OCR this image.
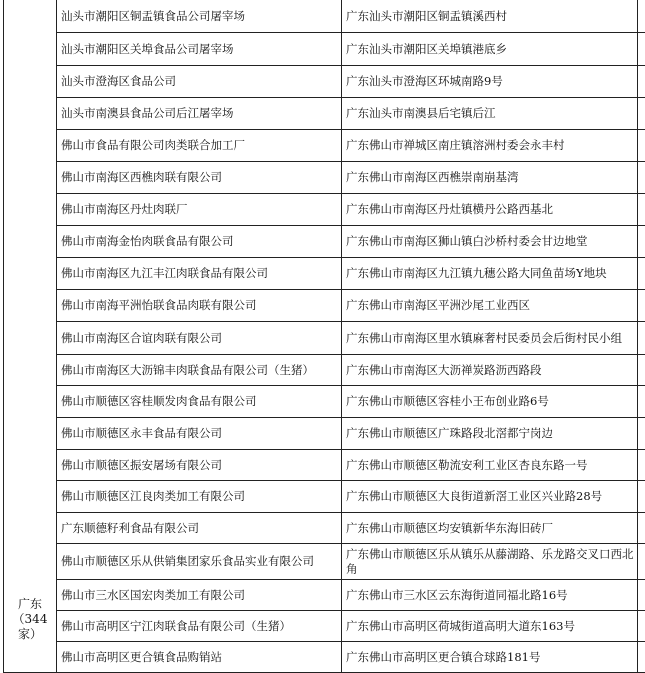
广东
（344
家）	汕头市潮阳区铜盂镇食品公司屠宰场	广东汕头市潮阳区铜盂镇溪西村	
	汕头市潮阳区关埠食品公司屠宰场	广东汕头市潮阳区关埠镇港底乡	
	汕头市澄海区食品公司	广东汕头市澄海区环城南路9号	
	汕头市南澳县食品公司后江屠宰场	广东汕头市南澳县后宅镇后江	
	佛山市食品有限公司肉类联合加工厂	广东佛山市禅城区南庄镇溶洲村委会永丰村	
	佛山市南海区西樵肉联有限公司	广东佛山市南海区西樵崇南崩基湾	
	佛山市南海区丹灶肉联厂	广东佛山市南海区丹灶镇横丹公路西基北	
	佛山市南海金怡肉联食品有限公司	广东佛山市南海区狮山镇白沙桥村委会甘边地堂	
	佛山市南海区九江丰江肉联食品有限公司	广东佛山市南海区九江镇九穗公路大同鱼苗场Y地块	
	佛山市南海平洲怡联食品肉联有限公司	广东佛山市南海区平洲沙尾工业西区	
	佛山市南海区合谊肉联有限公司	广东佛山市南海区里水镇麻奢村民委员会后街村民小组	
	佛山市南海区大沥锦丰肉联食品有限公司（生猪）	广东佛山市南海区大沥禅炭路沥西路段	
	佛山市顺德区容桂顺发肉食品有限公司	广东佛山市顺德区容桂小王布创业路6号	
	佛山市顺德区永丰食品有限公司	广东佛山市顺德区广珠路段北滘都宁岗边	
	佛山市顺德区振安屠场有限公司	广东佛山市顺德区勒流安利工业区杏良东路一号	
	佛山市顺德区江良肉类加工有限公司	广东佛山市顺德区大良街道新滘工业区兴业路28号	
	广东顺德籽利食品有限公司	广东佛山市顺德区均安镇新华东海旧砖厂	
	佛山市顺德区乐从供销集团家乐食品实业有限公司	广东佛山市顺德区乐从镇乐从藤湖路、乐龙路交叉口西北角	
	佛山市三水区国宏肉类加工有限公司	广东佛山市三水区云东海街道同福北路16号	
	佛山市高明区宁江肉联食品有限公司（生猪）	广东佛山市高明区荷城街道高明大道东163号	
	佛山市高明区更合镇食品购销站	广东佛山市高明区更合镇合球路181号	
